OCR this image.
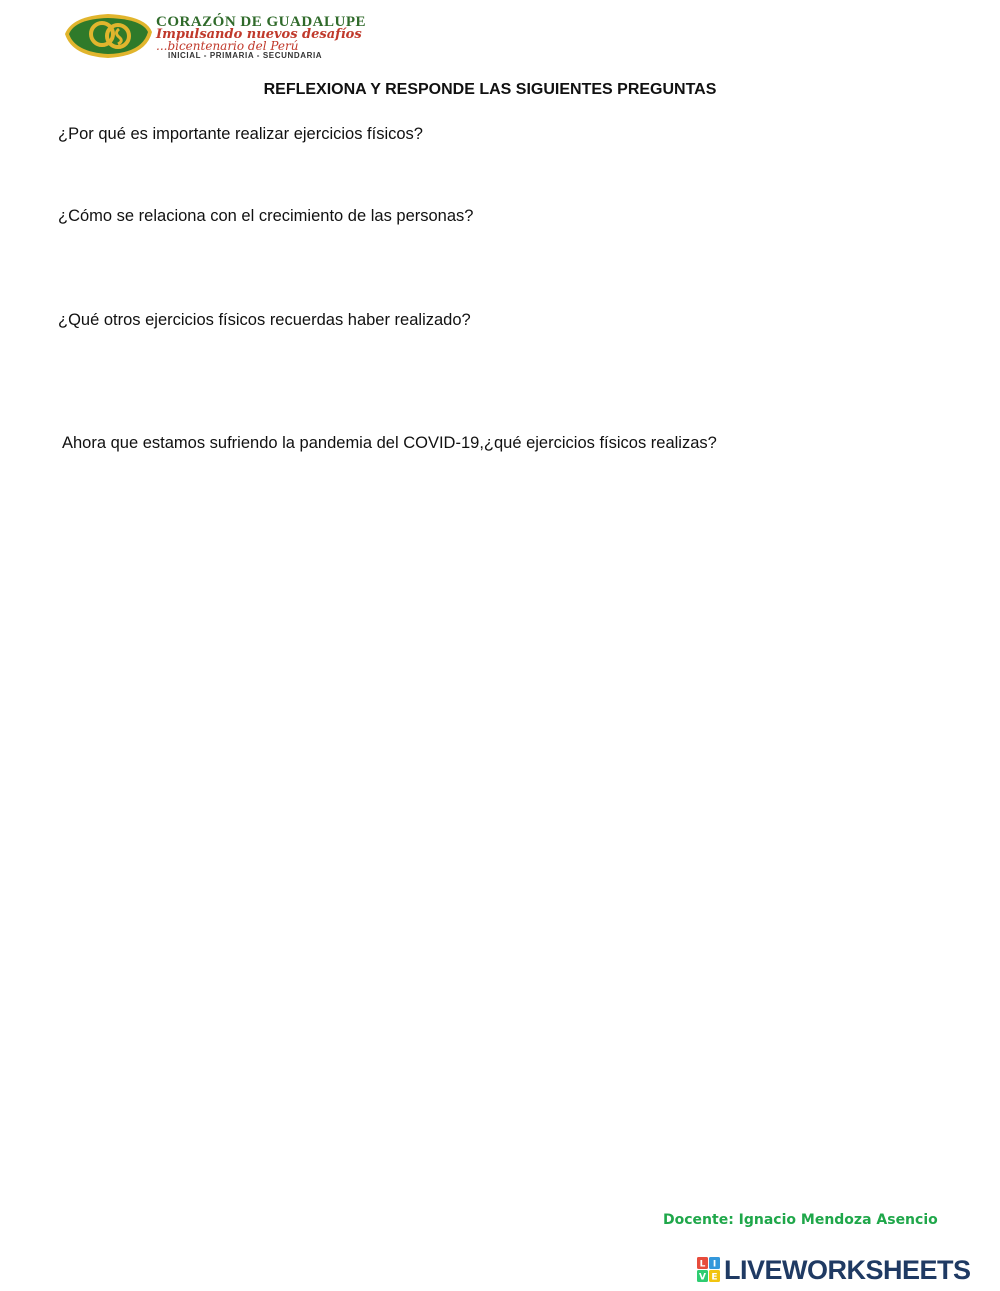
CORAZÓN DE GUADALUPE
Impulsando nuevos desafíos
...bicentenario del Perú
INICIAL - PRIMARIA - SECUNDARIA
REFLEXIONA Y RESPONDE LAS SIGUIENTES PREGUNTAS
¿Por qué es importante realizar ejercicios físicos?
¿Cómo se relaciona con el crecimiento de las personas?
¿Qué otros ejercicios físicos recuerdas haber realizado?
Ahora que estamos sufriendo la pandemia del COVID-19,¿qué ejercicios físicos realizas?
Docente: Ignacio Mendoza Asencio
L I
V E LIVEWORKSHEETS
